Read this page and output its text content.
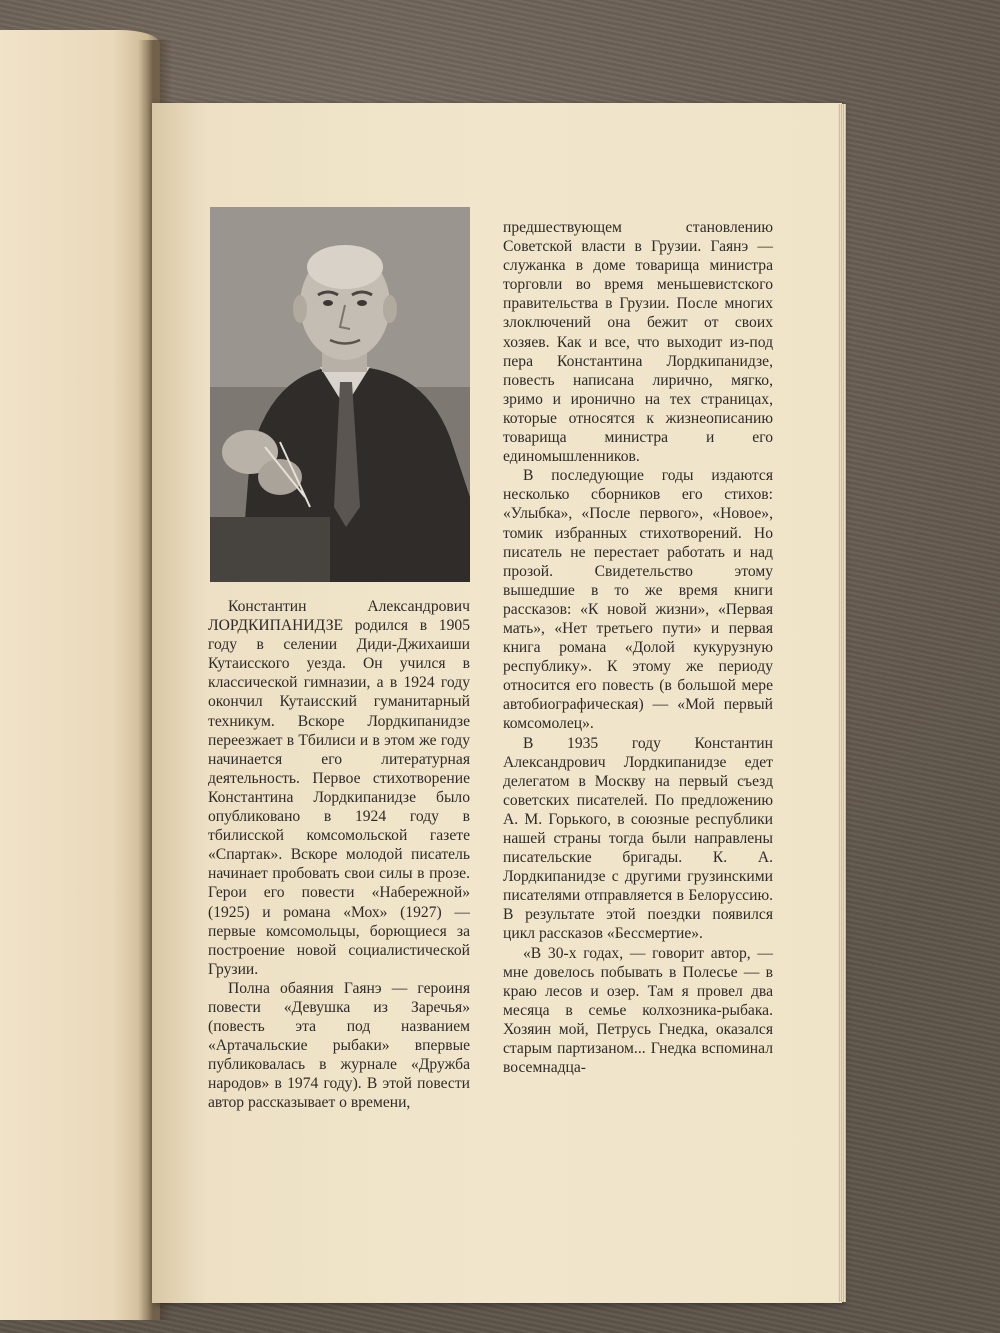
Константин Александрович ЛОРДКИПАНИДЗЕ родился в 1905 году в селении Диди-Джихаиши Кутаисского уезда. Он учился в классической гимназии, а в 1924 году окончил Кутаисский гуманитарный техникум. Вскоре Лордкипанидзе переезжает в Тбилиси и в этом же году начинается его литературная деятельность. Первое стихотворение Константина Лордкипанидзе было опубликовано в 1924 году в тбилисской комсомольской газете «Спартак». Вскоре молодой писатель начинает пробовать свои силы в прозе. Герои его повести «Набережной» (1925) и романа «Мох» (1927) — первые комсомольцы, борющиеся за построение новой социалистической Грузии.

Полна обаяния Гаянэ — героиня повести «Девушка из Заречья» (повесть эта под названием «Артачальские рыбаки» впервые публиковалась в журнале «Дружба народов» в 1974 году). В этой повести автор рассказывает о времени,

предшествующем становлению Советской власти в Грузии. Гаянэ — служанка в доме товарища министра торговли во время меньшевистского правительства в Грузии. После многих злоключений она бежит от своих хозяев. Как и все, что выходит из-под пера Константина Лордкипанидзе, повесть написана лирично, мягко, зримо и иронично на тех страницах, которые относятся к жизнеописанию товарища министра и его единомышленников.

В последующие годы издаются несколько сборников его стихов: «Улыбка», «После первого», «Новое», томик избранных стихотворений. Но писатель не перестает работать и над прозой. Свидетельство этому вышедшие в то же время книги рассказов: «К новой жизни», «Первая мать», «Нет третьего пути» и первая книга романа «Долой кукурузную республику». К этому же периоду относится его повесть (в большой мере автобиографическая) — «Мой первый комсомолец».

В 1935 году Константин Александрович Лордкипанидзе едет делегатом в Москву на первый съезд советских писателей. По предложению А. М. Горького, в союзные республики нашей страны тогда были направлены писательские бригады. К. А. Лордкипанидзе с другими грузинскими писателями отправляется в Белоруссию. В результате этой поездки появился цикл рассказов «Бессмертие».

«В 30-х годах, — говорит автор, — мне довелось побывать в Полесье — в краю лесов и озер. Там я провел два месяца в семье колхозника-рыбака. Хозяин мой, Петрусь Гнедка, оказался старым партизаном... Гнедка вспоминал восемнадца-
